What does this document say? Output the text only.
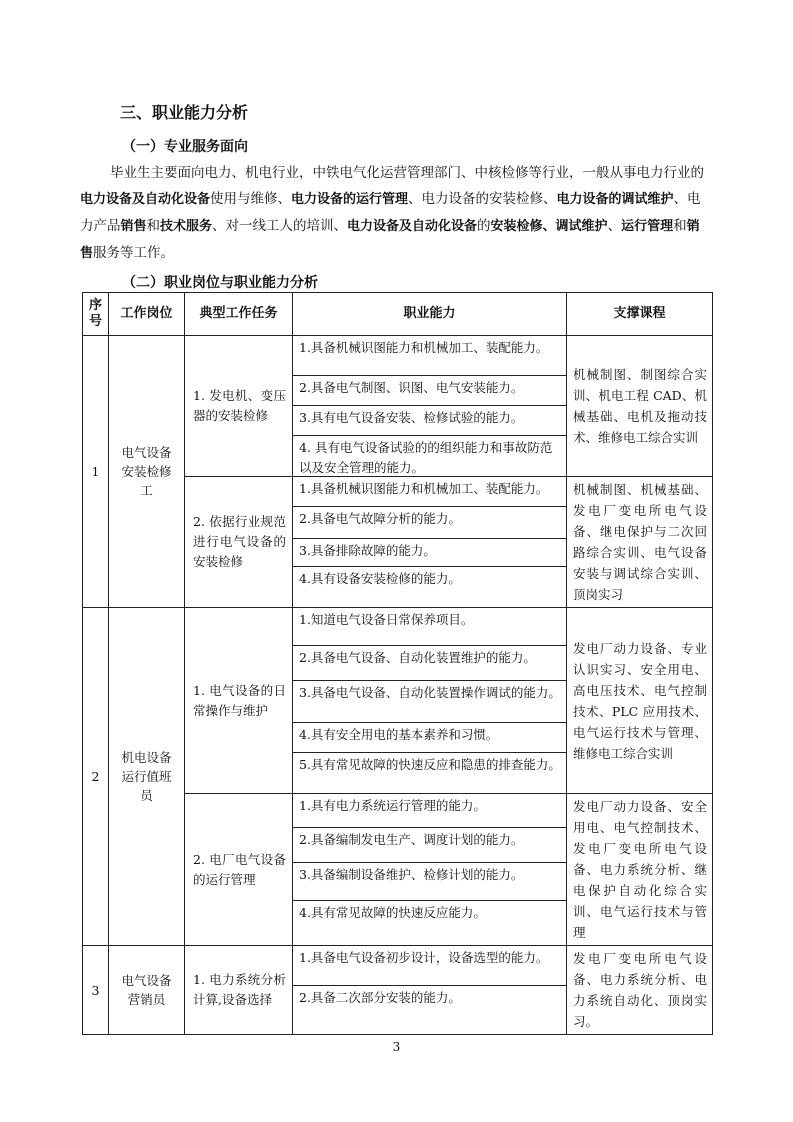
三、职业能力分析
（一）专业服务面向
毕业生主要面向电力、机电行业，中铁电气化运营管理部门、中核检修等行业，一般从事电力行业的电力设备及自动化设备使用与维修、电力设备的运行管理、电力设备的安装检修、电力设备的调试维护、电力产品销售和技术服务、对一线工人的培训、电力设备及自动化设备的安装检修、调试维护、运行管理和销售服务等工作。
（二）职业岗位与职业能力分析
序号	工作岗位	典型工作任务	职业能力	支撑课程
1	电气设备安装检修工	1. 发电机、变压器的安装检修	1.具备机械识图能力和机械加工、装配能力。
2.具备电气制图、识图、电气安装能力。
3.具有电气设备安装、检修试验的能力。
4. 具有电气设备试验的的组织能力和事故防范以及安全管理的能力。	机械制图、制图综合实训、机电工程 CAD、机械基础、电机及拖动技术、维修电工综合实训
		2. 依据行业规范进行电气设备的安装检修	1.具备机械识图能力和机械加工、装配能力。
2.具备电气故障分析的能力。
3.具备排除故障的能力。
4.具有设备安装检修的能力。	机械制图、机械基础、发电厂变电所电气设备、继电保护与二次回路综合实训、电气设备安装与调试综合实训、顶岗实习
2	机电设备运行值班员	1. 电气设备的日常操作与维护	1.知道电气设备日常保养项目。
2.具备电气设备、自动化装置维护的能力。
3.具备电气设备、自动化装置操作调试的能力。
4.具有安全用电的基本素养和习惯。
5.具有常见故障的快速反应和隐患的排查能力。	发电厂动力设备、专业认识实习、安全用电、高电压技术、电气控制技术、PLC 应用技术、电气运行技术与管理、维修电工综合实训
		2. 电厂电气设备的运行管理	1.具有电力系统运行管理的能力。
2.具备编制发电生产、调度计划的能力。
3.具备编制设备维护、检修计划的能力。
4.具有常见故障的快速反应能力。	发电厂动力设备、安全用电、电气控制技术、发电厂变电所电气设备、电力系统分析、继电保护自动化综合实训、电气运行技术与管理
3	电气设备营销员	1. 电力系统分析计算,设备选择	1.具备电气设备初步设计，设备选型的能力。
2.具备二次部分安装的能力。	发电厂变电所电气设备、电力系统分析、电力系统自动化、顶岗实习。
3
